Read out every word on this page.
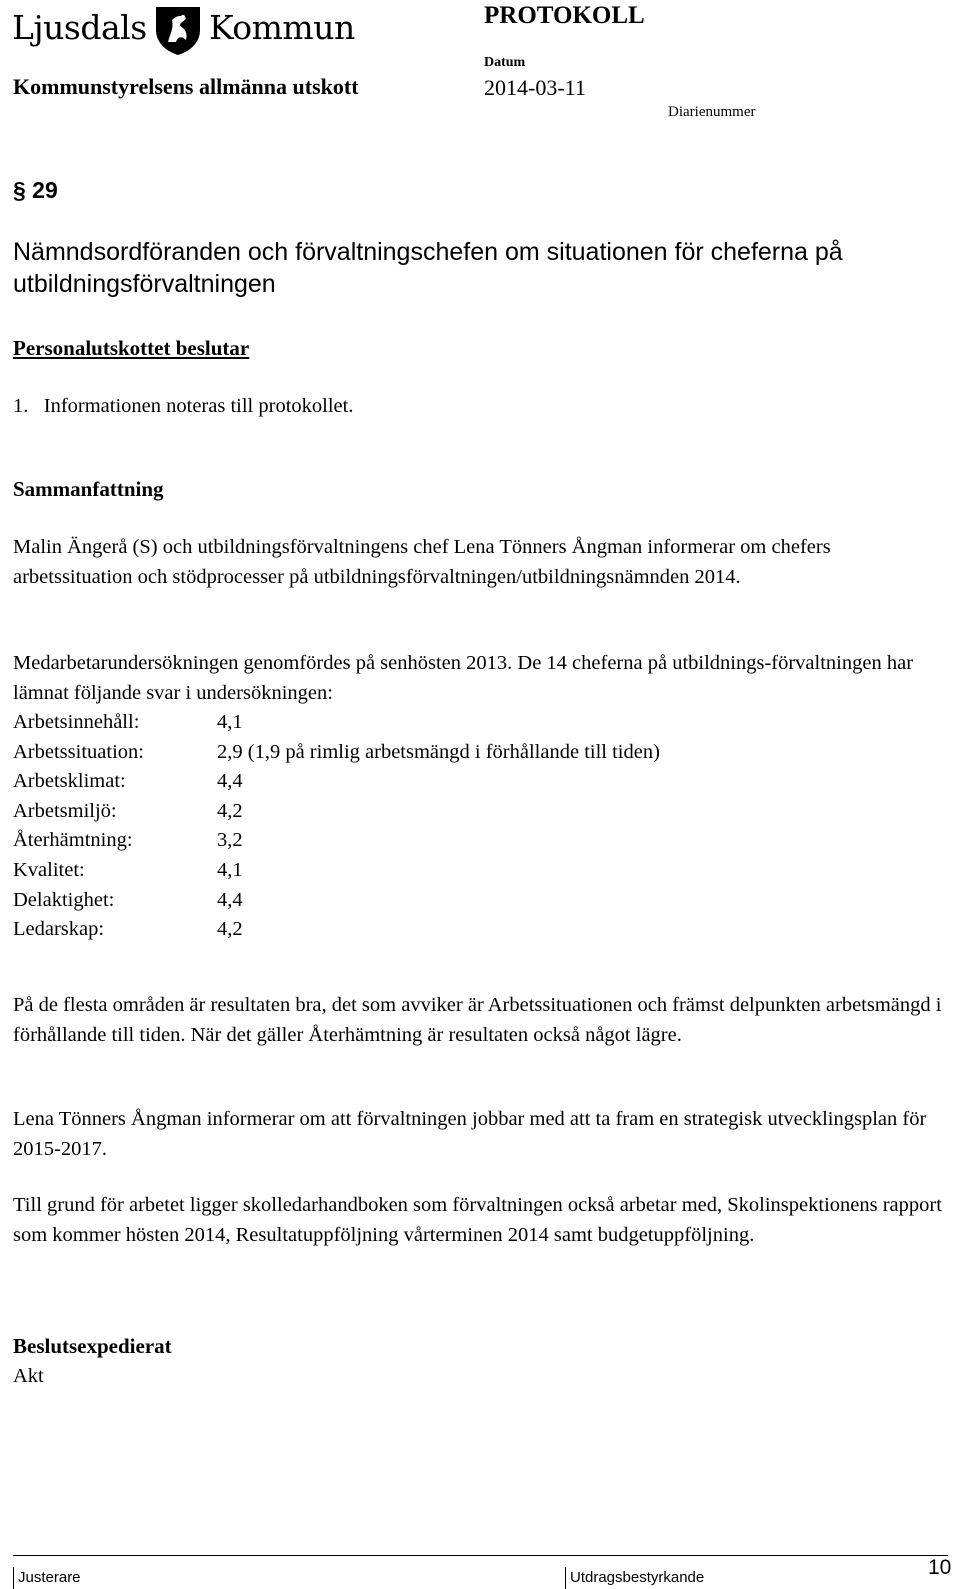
Ljusdals Kommun	PROTOKOLL
Datum
Kommunstyrelsens allmänna utskott	2014-03-11
Diarienummer
§ 29
Nämndsordföranden och förvaltningschefen om situationen för cheferna på utbildningsförvaltningen
Personalutskottet beslutar
1.   Informationen noteras till protokollet.
Sammanfattning
Malin Ängerå (S) och utbildningsförvaltningens chef Lena Tönners Ångman informerar om chefers arbetssituation och stödprocesser på utbildningsförvaltningen/utbildningsnämnden 2014.
Medarbetarundersökningen genomfördes på senhösten 2013. De 14 cheferna på utbildnings-förvaltningen har lämnat följande svar i undersökningen:
Arbetsinnehåll:	4,1
Arbetssituation:	2,9 (1,9 på rimlig arbetsmängd i förhållande till tiden)
Arbetsklimat:	4,4
Arbetsmiljö:	4,2
Återhämtning:	3,2
Kvalitet:	4,1
Delaktighet:	4,4
Ledarskap:	4,2
På de flesta områden är resultaten bra, det som avviker är Arbetssituationen och främst delpunkten arbetsmängd i förhållande till tiden. När det gäller Återhämtning är resultaten också något lägre.
Lena Tönners Ångman informerar om att förvaltningen jobbar med att ta fram en strategisk utvecklingsplan för 2015-2017.
Till grund för arbetet ligger skolledarhandboken som förvaltningen också arbetar med, Skolinspektionens rapport som kommer hösten 2014, Resultatuppföljning vårterminen 2014 samt budgetuppföljning.
Beslutsexpedierat
Akt
Justerare	Utdragsbestyrkande	10
